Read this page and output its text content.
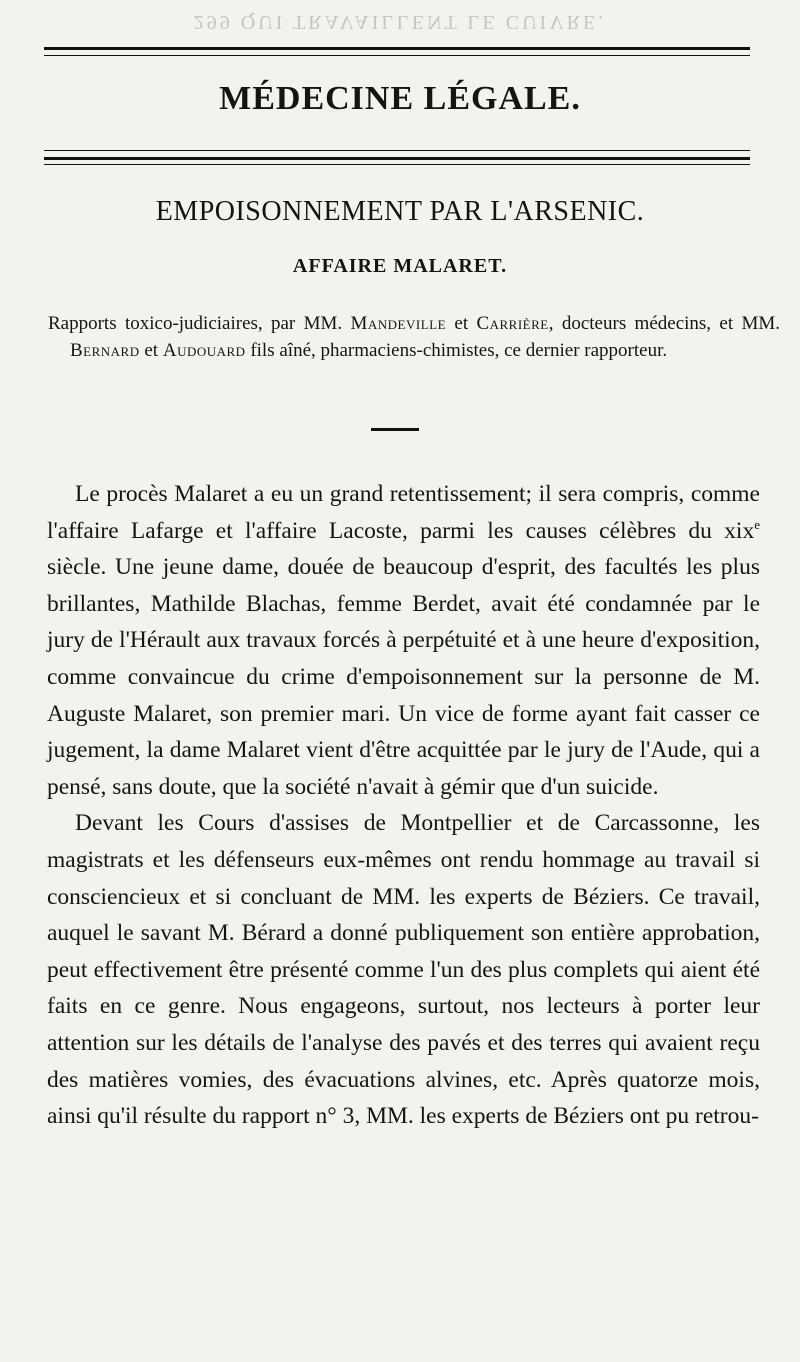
299 QUI TRAVAILLENT LE CUIVRE.
MÉDECINE LÉGALE.
EMPOISONNEMENT PAR L'ARSENIC.
AFFAIRE MALARET.
Rapports toxico-judiciaires, par MM. Mandeville et Carrière, docteurs médecins, et MM. Bernard et Audouard fils aîné, pharmaciens-chimistes, ce dernier rapporteur.

Le procès Malaret a eu un grand retentissement; il sera compris, comme l'affaire Lafarge et l'affaire Lacoste, parmi les causes célèbres du xix$^e$ siècle. Une jeune dame, douée de beaucoup d'esprit, des facultés les plus brillantes, Mathilde Blachas, femme Berdet, avait été condamnée par le jury de l'Hérault aux travaux forcés à perpétuité et à une heure d'exposition, comme convaincue du crime d'empoisonnement sur la personne de M. Auguste Malaret, son premier mari. Un vice de forme ayant fait casser ce jugement, la dame Malaret vient d'être acquittée par le jury de l'Aude, qui a pensé, sans doute, que la société n'avait à gémir que d'un suicide.

Devant les Cours d'assises de Montpellier et de Carcassonne, les magistrats et les défenseurs eux-mêmes ont rendu hommage au travail si consciencieux et si concluant de MM. les experts de Béziers. Ce travail, auquel le savant M. Bérard a donné publiquement son entière approbation, peut effectivement être présenté comme l'un des plus complets qui aient été faits en ce genre. Nous engageons, surtout, nos lecteurs à porter leur attention sur les détails de l'analyse des pavés et des terres qui avaient reçu des matières vomies, des évacuations alvines, etc. Après quatorze mois, ainsi qu'il résulte du rapport n° 3, MM. les experts de Béziers ont pu retrou-
